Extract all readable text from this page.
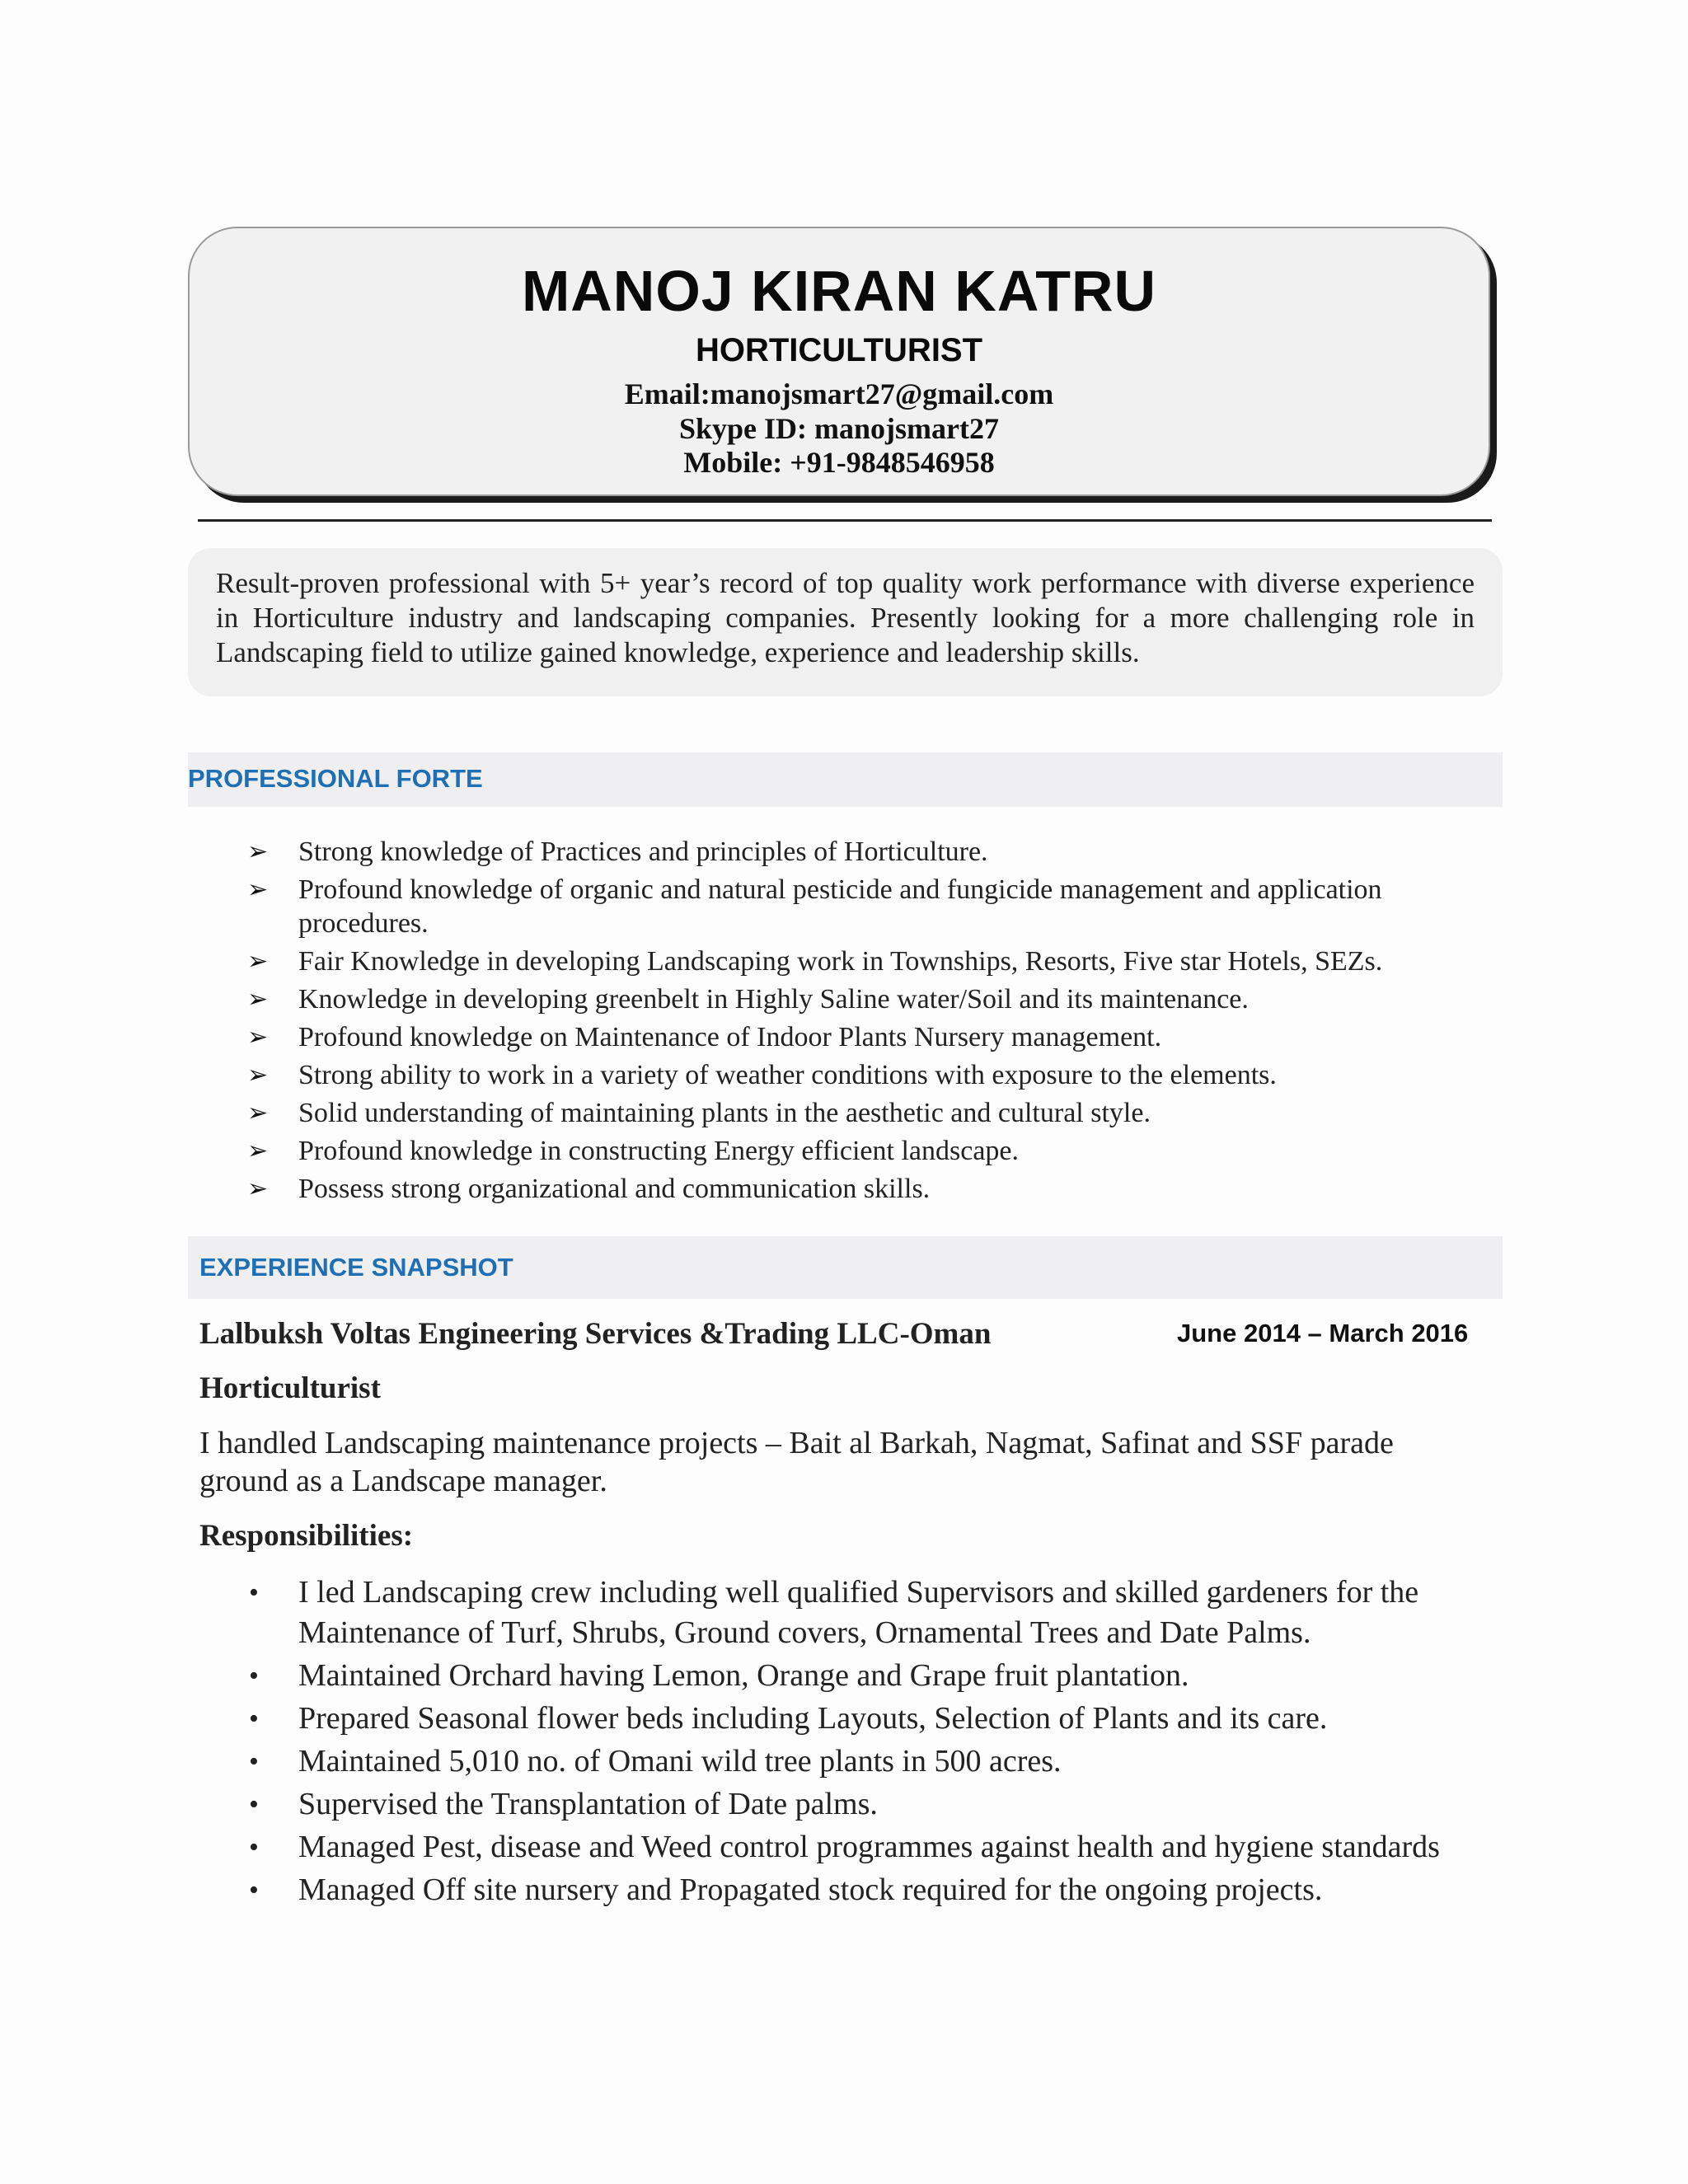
MANOJ KIRAN KATRU
HORTICULTURIST
Email:manojsmart27@gmail.com
Skype ID: manojsmart27
Mobile: +91-9848546958
Result-proven professional with 5+ year’s record of top quality work performance with diverse experience in Horticulture industry and landscaping companies. Presently looking for a more challenging role in Landscaping field to utilize gained knowledge, experience and leadership skills.
PROFESSIONAL FORTE
➢ Strong knowledge of Practices and principles of Horticulture.
➢ Profound knowledge of organic and natural pesticide and fungicide management and application procedures.
➢ Fair Knowledge in developing Landscaping work in Townships, Resorts, Five star Hotels, SEZs.
➢ Knowledge in developing greenbelt in Highly Saline water/Soil and its maintenance.
➢ Profound knowledge on Maintenance of Indoor Plants Nursery management.
➢ Strong ability to work in a variety of weather conditions with exposure to the elements.
➢ Solid understanding of maintaining plants in the aesthetic and cultural style.
➢ Profound knowledge in constructing Energy efficient landscape.
➢ Possess strong organizational and communication skills.
EXPERIENCE SNAPSHOT
Lalbuksh Voltas Engineering Services &Trading LLC-Oman	June 2014 – March 2016
Horticulturist
I handled Landscaping maintenance projects – Bait al Barkah, Nagmat, Safinat and SSF parade ground as a Landscape manager.
Responsibilities:
• I led Landscaping crew including well qualified Supervisors and skilled gardeners for the Maintenance of Turf, Shrubs, Ground covers, Ornamental Trees and Date Palms.
• Maintained Orchard having Lemon, Orange and Grape fruit plantation.
• Prepared Seasonal flower beds including Layouts, Selection of Plants and its care.
• Maintained 5,010 no. of Omani wild tree plants in 500 acres.
• Supervised the Transplantation of Date palms.
• Managed Pest, disease and Weed control programmes against health and hygiene standards
• Managed Off site nursery and Propagated stock required for the ongoing projects.
